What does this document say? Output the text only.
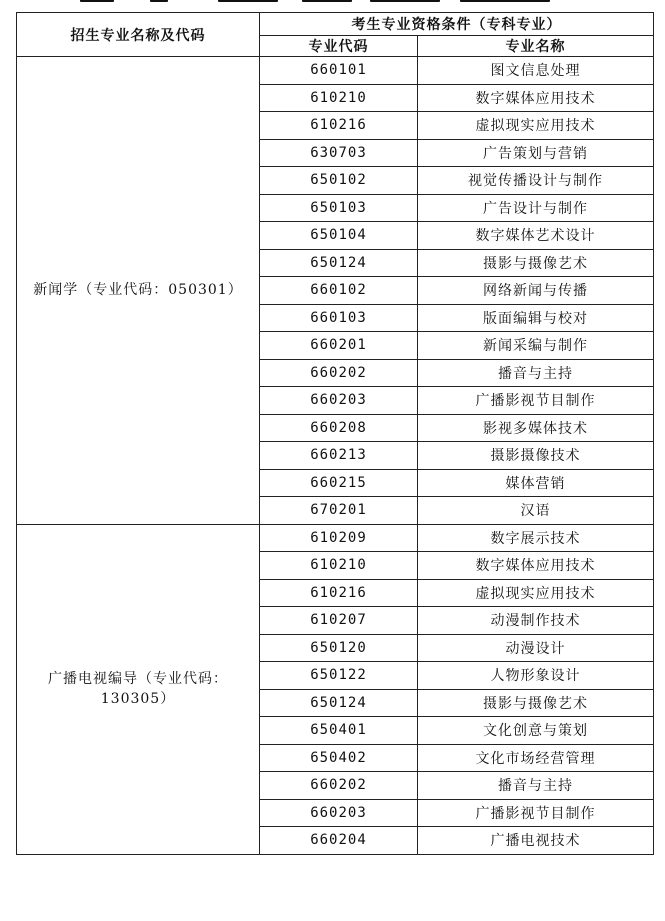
招生专业名称及代码	考生专业资格条件（专科专业）	
	专业代码	专业名称
新闻学（专业代码：050301）	660101	图文信息处理
	610210	数字媒体应用技术
	610216	虚拟现实应用技术
	630703	广告策划与营销
	650102	视觉传播设计与制作
	650103	广告设计与制作
	650104	数字媒体艺术设计
	650124	摄影与摄像艺术
	660102	网络新闻与传播
	660103	版面编辑与校对
	660201	新闻采编与制作
	660202	播音与主持
	660203	广播影视节目制作
	660208	影视多媒体技术
	660213	摄影摄像技术
	660215	媒体营销
	670201	汉语
广播电视编导（专业代码：130305）	610209	数字展示技术
	610210	数字媒体应用技术
	610216	虚拟现实应用技术
	610207	动漫制作技术
	650120	动漫设计
	650122	人物形象设计
	650124	摄影与摄像艺术
	650401	文化创意与策划
	650402	文化市场经营管理
	660202	播音与主持
	660203	广播影视节目制作
	660204	广播电视技术
